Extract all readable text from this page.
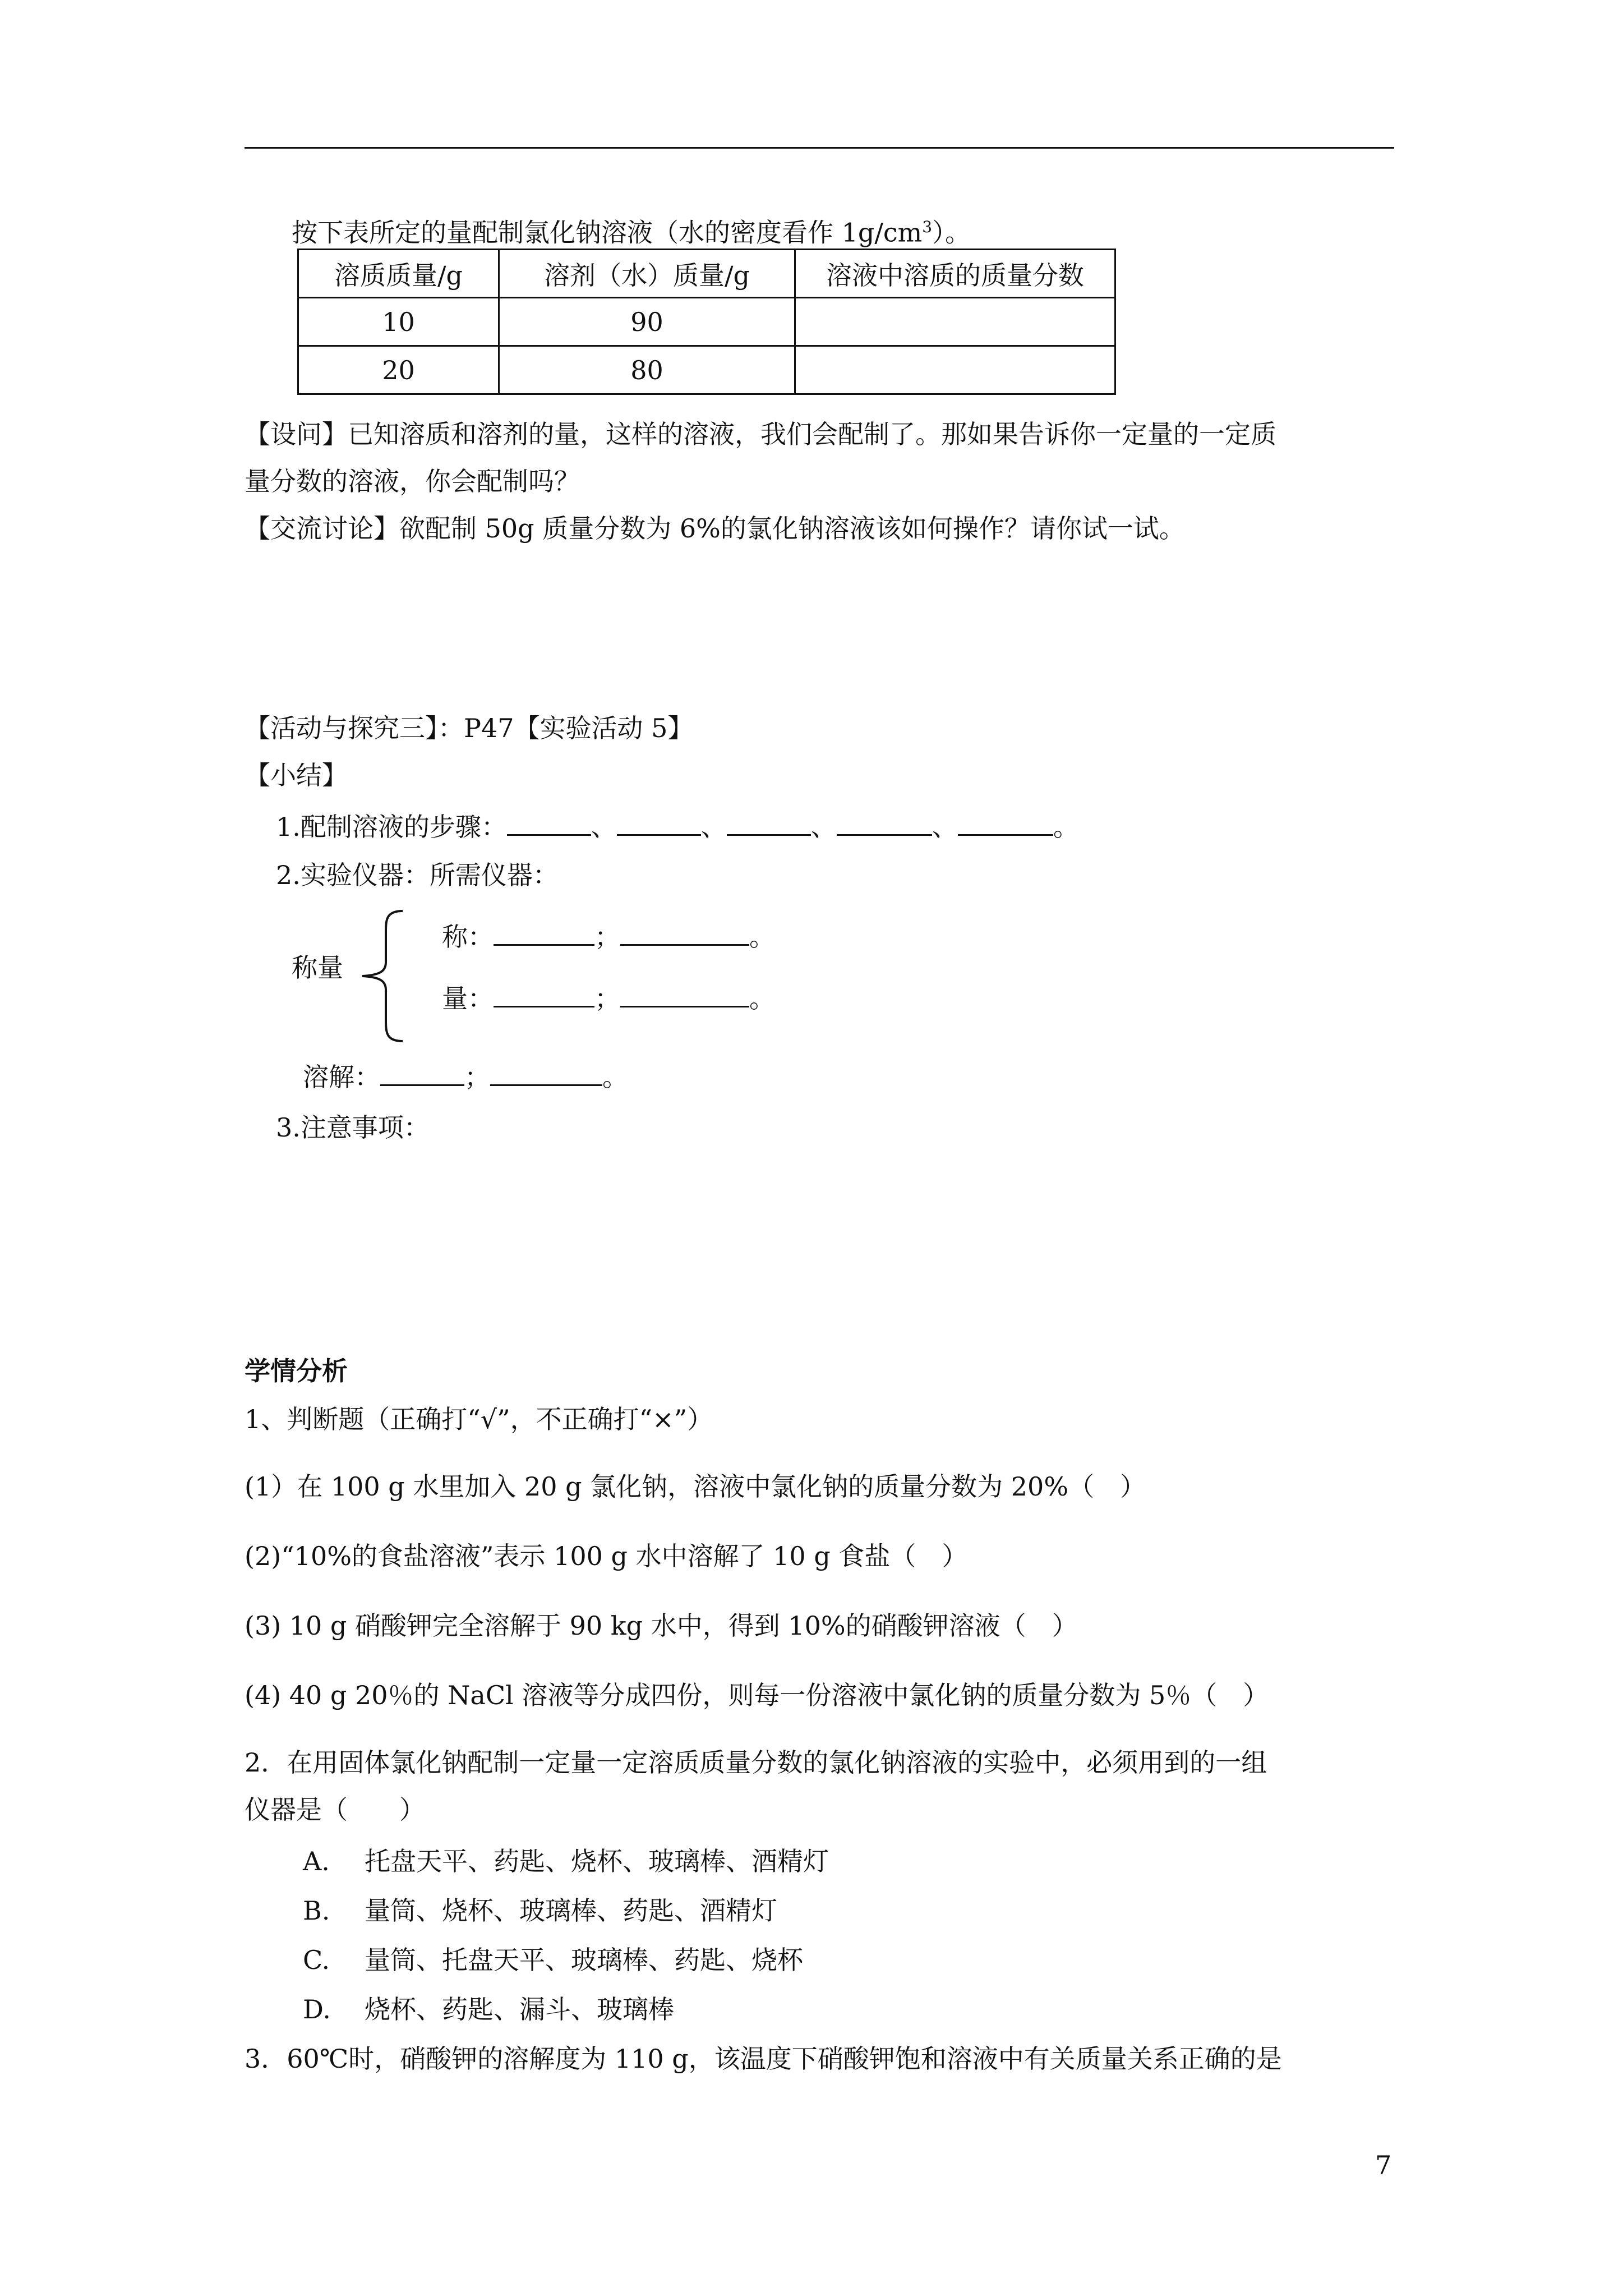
按下表所定的量配制氯化钠溶液（水的密度看作 $1g/cm^3$）。
溶质质量/g	溶剂（水）质量/g	溶液中溶质的质量分数
10	90	
20	80	
【设问】已知溶质和溶剂的量，这样的溶液，我们会配制了。那如果告诉你一定量的一定质
量分数的溶液，你会配制吗？
【交流讨论】欲配制 50g 质量分数为 6%的氯化钠溶液该如何操作？请你试一试。
【活动与探究三】：P47【实验活动 5】
【小结】
1.配制溶液的步骤：	、	、	、	、	。
2.实验仪器：所需仪器：
称量
称：	；	。
量：	；	。
溶解：	；	。
3.注意事项：
学情分析
1、判断题（正确打“√”，不正确打“×”）
(1）在 100 g 水里加入 20 g 氯化钠，溶液中氯化钠的质量分数为 20%（　）
(2)“10%的食盐溶液”表示 100 g 水中溶解了 10 g 食盐（　）
(3) 10 g 硝酸钾完全溶解于 90 kg 水中，得到 10%的硝酸钾溶液（　）
(4) 40 g 20％的 NaCl 溶液等分成四份，则每一份溶液中氯化钠的质量分数为 5％（　）
2．在用固体氯化钠配制一定量一定溶质质量分数的氯化钠溶液的实验中，必须用到的一组
仪器是（　　）
A. 托盘天平、药匙、烧杯、玻璃棒、酒精灯
B. 量筒、烧杯、玻璃棒、药匙、酒精灯
C. 量筒、托盘天平、玻璃棒、药匙、烧杯
D. 烧杯、药匙、漏斗、玻璃棒
3．60℃时，硝酸钾的溶解度为 110 g，该温度下硝酸钾饱和溶液中有关质量关系正确的是
7
